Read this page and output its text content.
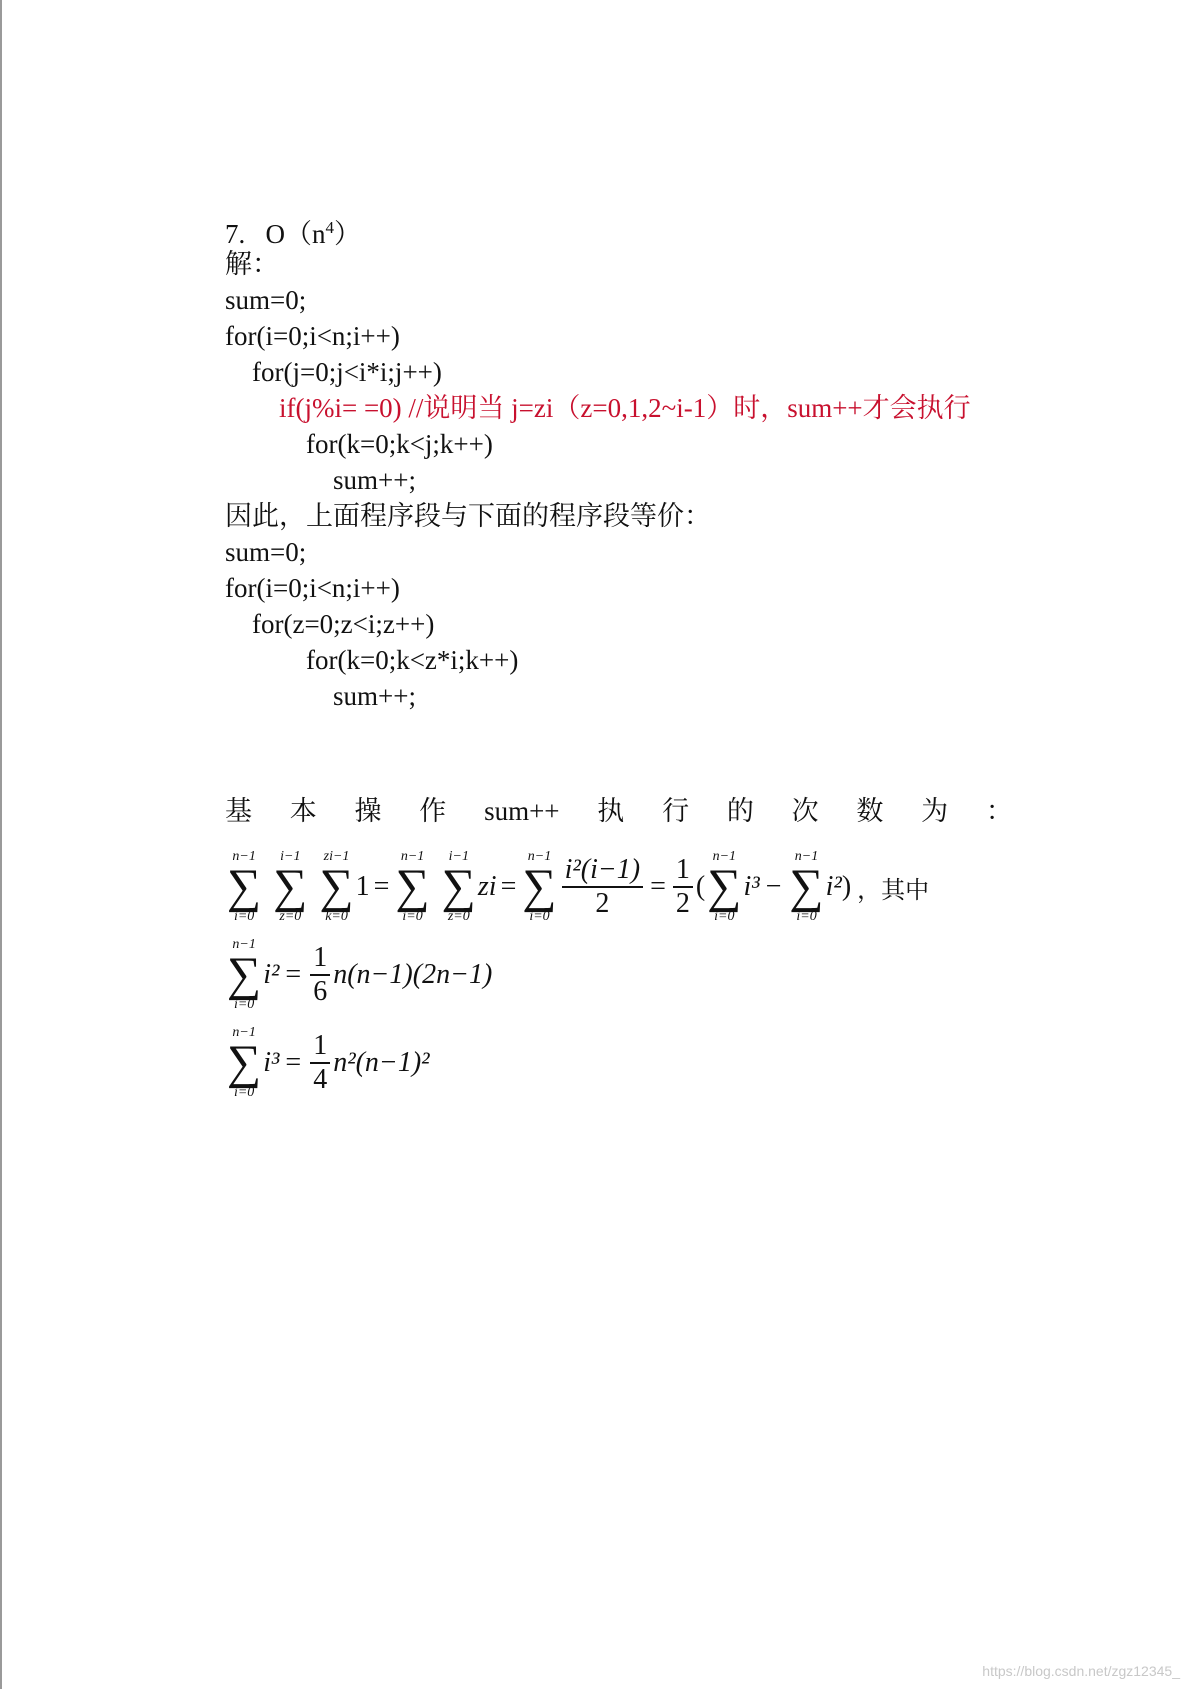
7. $O(n^4)$
解：
sum=0;
for(i=0;i<n;i++)
for(j=0;j<i*i;j++)
if(j%i= =0) //说明当 j=zi（z=0,1,2~i-1）时，sum++才会执行
for(k=0;k<j;k++)
sum++;
因此，上面程序段与下面的程序段等价：
sum=0;
for(i=0;i<n;i++)
for(z=0;z<i;z++)
for(k=0;k<z*i;k++)
sum++;
基 本 操 作 sum++ 执 行 的 次 数 为 ：
n−1
∑
i=0
i−1
∑
z=0
zi−1
∑
k=0
1 =
n−1
∑
i=0
i−1
∑
z=0
zi =
n−1
∑
$i=0 \frac{\text{i²(i−1)}}{2} = \frac{1}{2}$ (
n−1
∑
i=0
i³ −
n−1
∑
i=0
i² ) ，其中
n−1
∑
i=0
$i^2 = \frac{1}{6} n(n-1)(2n-1)$
n−1
∑
i=0
$i^3 = \frac{1}{4} n^2(n-1)^2$
https://blog.csdn.net/zgz12345_
